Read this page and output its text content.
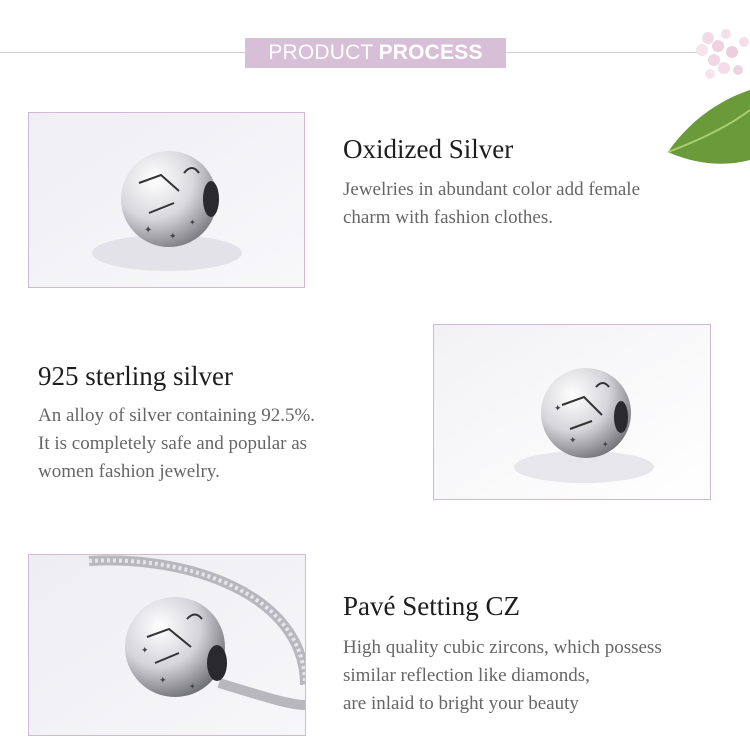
PRODUCT PROCESS
✦ ✦
✦
Oxidized Silver
Jewelries in abundant color add female
charm with fashion clothes.
925 sterling silver
An alloy of silver containing 92.5%.
It is completely safe and popular as
women fashion jewelry.
✦
✦	✦
✦
✦
✦
Pavé Setting CZ
High quality cubic zircons, which possess
similar reflection like diamonds,
are inlaid to bright your beauty
